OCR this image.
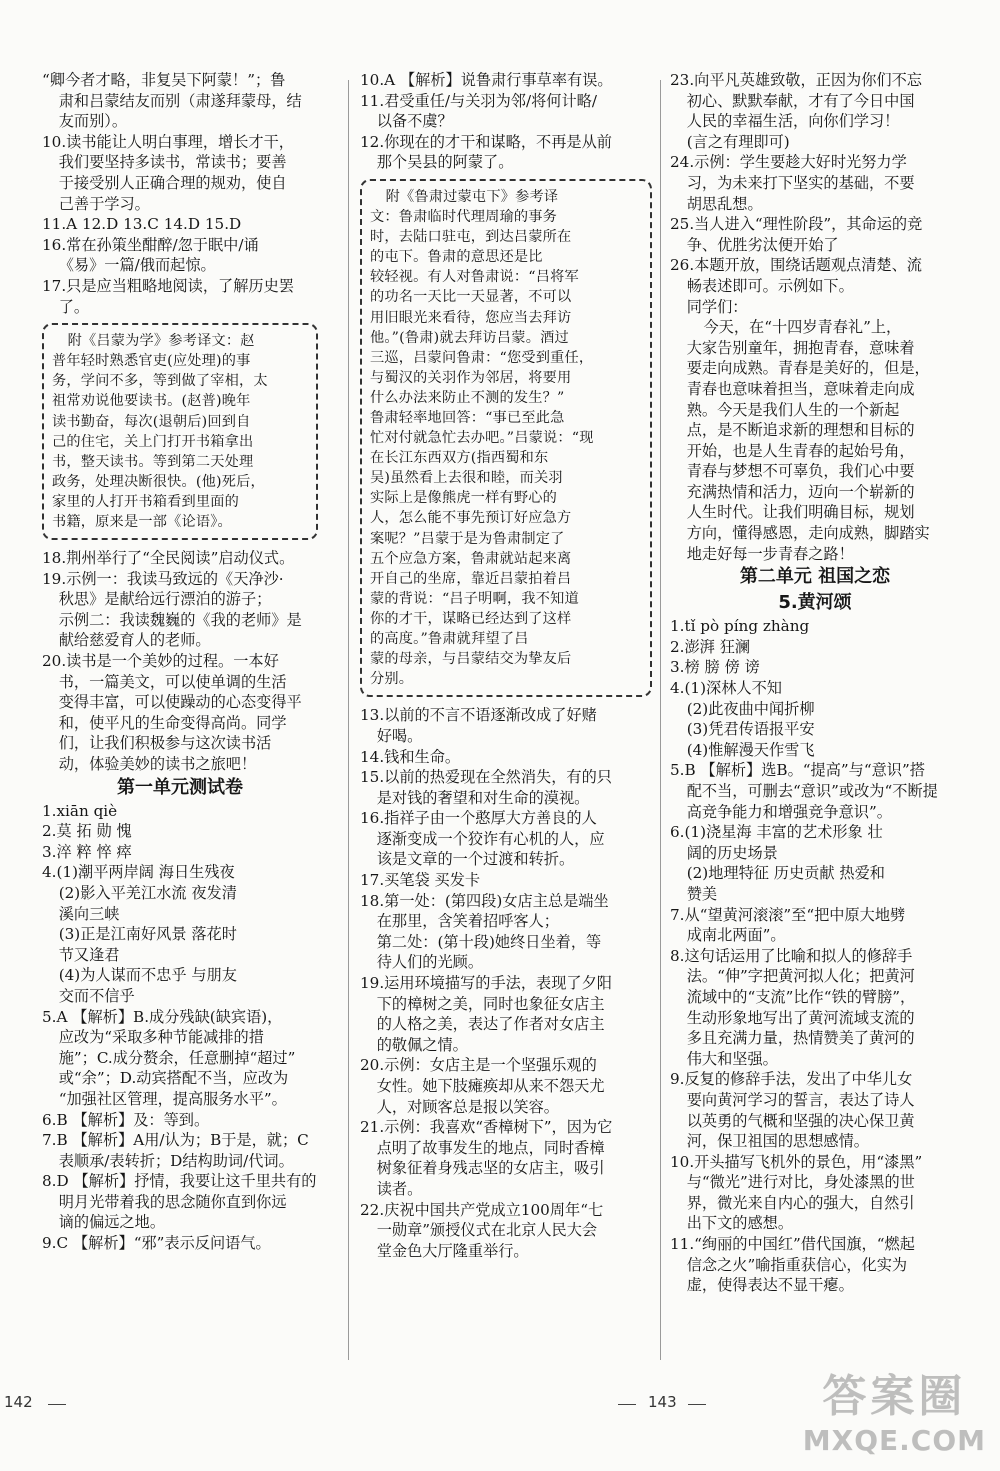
“卿今者才略，非复吴下阿蒙！”；鲁
肃和吕蒙结友而别（肃遂拜蒙母，结
友而别）。
10.读书能让人明白事理，增长才干，
我们要坚持多读书，常读书；要善
于接受别人正确合理的规劝，使自
己善于学习。
11.A 12.D 13.C 14.D 15.D
16.常在孙策坐酣醉/忽于眠中/诵
《易》一篇/俄而起惊。
17.只是应当粗略地阅读，了解历史罢
了。
附《吕蒙为学》参考译文：赵
普年轻时熟悉官吏(应处理)的事
务，学问不多，等到做了宰相，太
祖常劝说他要读书。(赵普)晚年
读书勤奋，每次(退朝后)回到自
己的住宅，关上门打开书箱拿出
书，整天读书。等到第二天处理
政务，处理决断很快。(他)死后，
家里的人打开书箱看到里面的
书籍，原来是一部《论语》。
18.荆州举行了“全民阅读”启动仪式。
19.示例一：我读马致远的《天净沙·
秋思》是献给远行漂泊的游子；
示例二：我读魏巍的《我的老师》是
献给慈爱育人的老师。
20.读书是一个美妙的过程。一本好
书，一篇美文，可以使单调的生活
变得丰富，可以使躁动的心态变得平
和，使平凡的生命变得高尚。同学
们，让我们积极参与这次读书活
动，体验美妙的读书之旅吧！
第一单元测试卷
1.xiān qiè
2.莫 拓 勋 愧
3.淬 粹 悴 瘁
4.(1)潮平两岸阔 海日生残夜
(2)影入平羌江水流 夜发清
溪向三峡
(3)正是江南好风景 落花时
节又逢君
(4)为人谋而不忠乎 与朋友
交而不信乎
5.A 【解析】B.成分残缺(缺宾语)，
应改为“采取多种节能减排的措
施”；C.成分赘余，任意删掉“超过”
或“余”；D.动宾搭配不当，应改为
“加强社区管理，提高服务水平”。
6.B 【解析】及：等到。
7.B 【解析】A用/认为；B于是，就；C
表顺承/表转折；D结构助词/代词。
8.D 【解析】抒情，我要让这千里共有的
明月光带着我的思念随你直到你远
谪的偏远之地。
9.C 【解析】“邪”表示反问语气。
10.A 【解析】说鲁肃行事草率有误。
11.君受重任/与关羽为邻/将何计略/
以备不虞？
12.你现在的才干和谋略，不再是从前
那个吴县的阿蒙了。
附《鲁肃过蒙屯下》参考译
文：鲁肃临时代理周瑜的事务
时，去陆口驻屯，到达吕蒙所在
的屯下。鲁肃的意思还是比
较轻视。有人对鲁肃说：“吕将军
的功名一天比一天显著，不可以
用旧眼光来看待，您应当去拜访
他。”(鲁肃)就去拜访吕蒙。酒过
三巡，吕蒙问鲁肃：“您受到重任，
与蜀汉的关羽作为邻居，将要用
什么办法来防止不测的发生？”
鲁肃轻率地回答：“事已至此急
忙对付就急忙去办吧。”吕蒙说：“现
在长江东西双方(指西蜀和东
吴)虽然看上去很和睦，而关羽
实际上是像熊虎一样有野心的
人，怎么能不事先预订好应急方
案呢？”吕蒙于是为鲁肃制定了
五个应急方案，鲁肃就站起来离
开自己的坐席，靠近吕蒙拍着吕
蒙的背说：“吕子明啊，我不知道
你的才干，谋略已经达到了这样
的高度。”鲁肃就拜望了吕
蒙的母亲，与吕蒙结交为挚友后
分别。
13.以前的不言不语逐渐改成了好赌
好喝。
14.钱和生命。
15.以前的热爱现在全然消失，有的只
是对钱的奢望和对生命的漠视。
16.指祥子由一个憨厚大方善良的人
逐渐变成一个狡诈有心机的人，应
该是文章的一个过渡和转折。
17.买笔袋 买发卡
18.第一处：(第四段)女店主总是端坐
在那里，含笑着招呼客人；
第二处：(第十段)她终日坐着，等
待人们的光顾。
19.运用环境描写的手法，表现了夕阳
下的樟树之美，同时也象征女店主
的人格之美，表达了作者对女店主
的敬佩之情。
20.示例：女店主是一个坚强乐观的
女性。她下肢瘫痪却从来不怨天尤
人，对顾客总是报以笑容。
21.示例：我喜欢“香樟树下”，因为它
点明了故事发生的地点，同时香樟
树象征着身残志坚的女店主，吸引
读者。
22.庆祝中国共产党成立100周年“七
一勋章”颁授仪式在北京人民大会
堂金色大厅隆重举行。
23.向平凡英雄致敬，正因为你们不忘
初心、默默奉献，才有了今日中国
人民的幸福生活，向你们学习！
(言之有理即可)
24.示例：学生要趁大好时光努力学
习，为未来打下坚实的基础，不要
胡思乱想。
25.当人进入“理性阶段”，其命运的竞
争、优胜劣汰便开始了
26.本题开放，围绕话题观点清楚、流
畅表述即可。示例如下。
同学们：
今天，在“十四岁青春礼”上，
大家告别童年，拥抱青春，意味着
要走向成熟。青春是美好的，但是，
青春也意味着担当，意味着走向成
熟。今天是我们人生的一个新起
点，是不断追求新的理想和目标的
开始，也是人生青春的起始号角，
青春与梦想不可辜负，我们心中要
充满热情和活力，迈向一个崭新的
人生时代。让我们明确目标，规划
方向，懂得感恩，走向成熟，脚踏实
地走好每一步青春之路！
第二单元 祖国之恋
5.黄河颂
1.tǐ pò píng zhàng
2.澎湃 狂澜
3.榜 膀 傍 谤
4.(1)深林人不知
(2)此夜曲中闻折柳
(3)凭君传语报平安
(4)惟解漫天作雪飞
5.B 【解析】选B。“提高”与“意识”搭
配不当，可删去“意识”或改为“不断提
高竞争能力和增强竞争意识”。
6.(1)浇星海 丰富的艺术形象 壮
阔的历史场景
(2)地理特征 历史贡献 热爱和
赞美
7.从“望黄河滚滚”至“把中原大地劈
成南北两面”。
8.这句话运用了比喻和拟人的修辞手
法。“伸”字把黄河拟人化；把黄河
流域中的“支流”比作“铁的臂膀”，
生动形象地写出了黄河流域支流的
多且充满力量，热情赞美了黄河的
伟大和坚强。
9.反复的修辞手法，发出了中华儿女
要向黄河学习的誓言，表达了诗人
以英勇的气概和坚强的决心保卫黄
河，保卫祖国的思想感情。
10.开头描写飞机外的景色，用“漆黑”
与“微光”进行对比，身处漆黑的世
界，微光来自内心的强大，自然引
出下文的感想。
11.“绚丽的中国红”借代国旗，“燃起
信念之火”喻指重获信心，化实为
虚，使得表达不显干瘪。
142	143	答案圈
MXQE.COM
